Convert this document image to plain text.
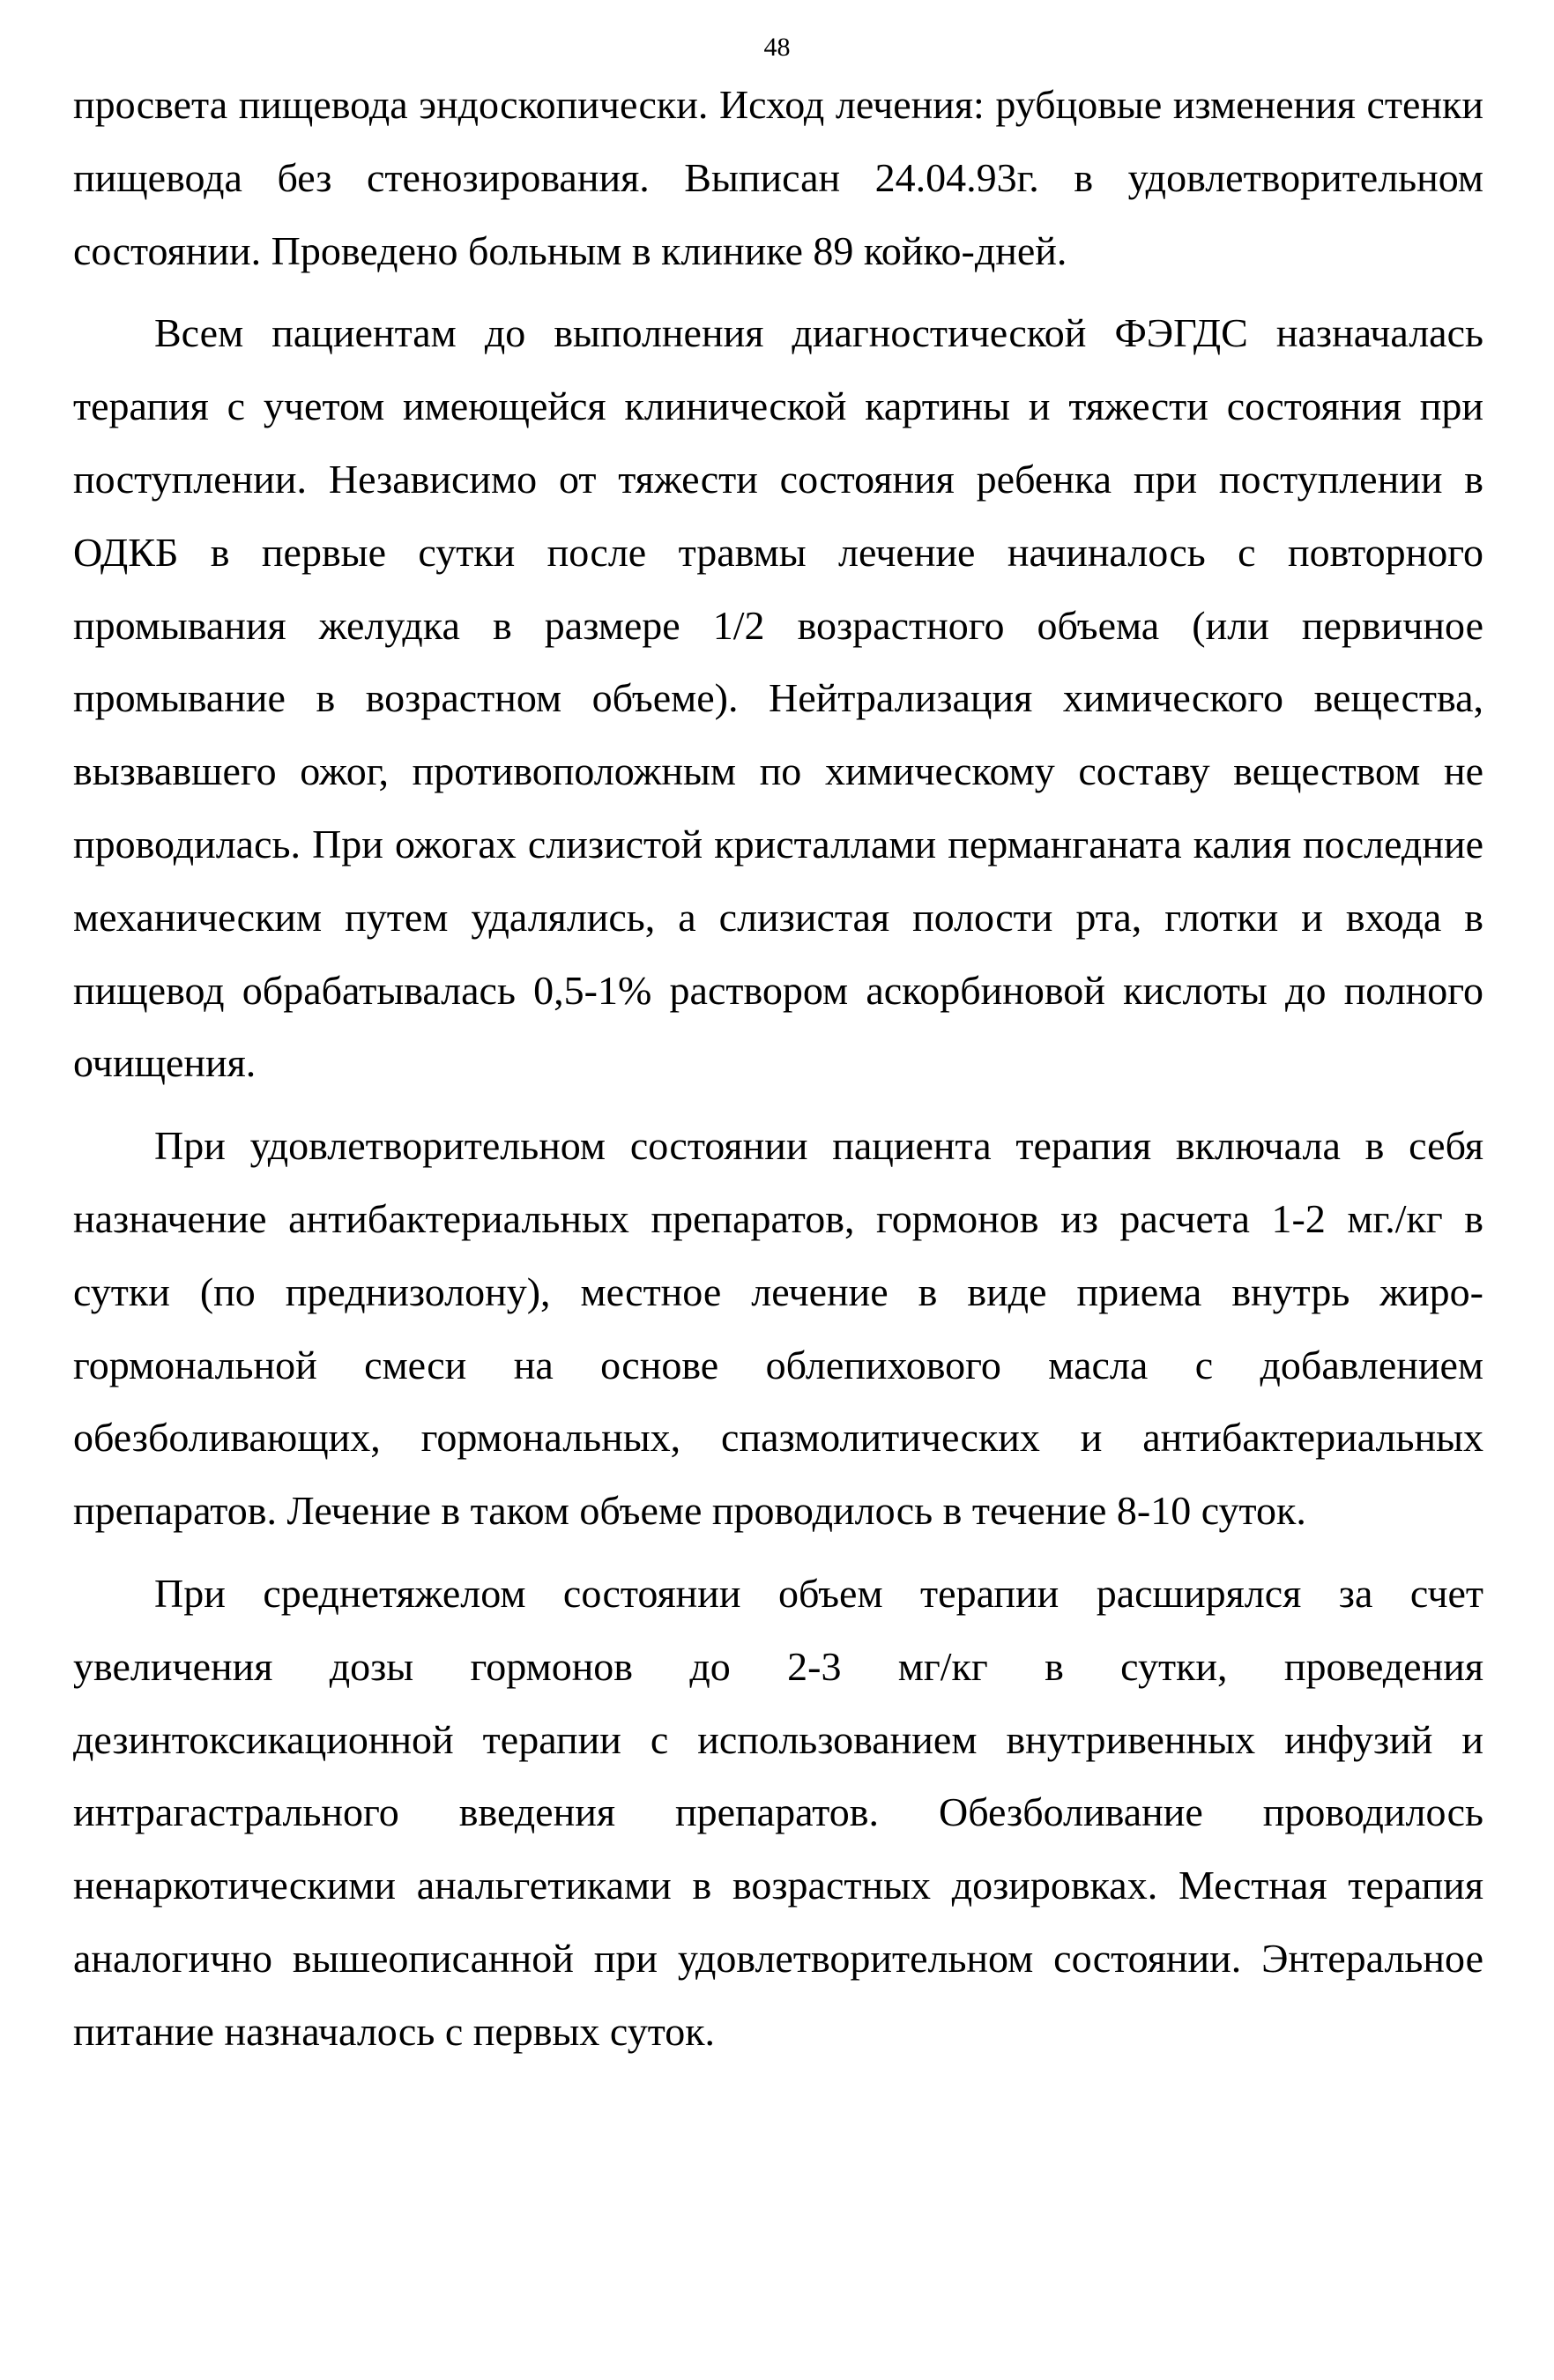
48

просвета пищевода эндоскопически. Исход лечения: рубцовые изменения стенки пищевода без стенозирования. Выписан 24.04.93г. в удовлетворительном состоянии. Проведено больным в клинике 89 койко-дней.

Всем пациентам до выполнения диагностической ФЭГДС назначалась терапия с учетом имеющейся клинической картины и тяжести состояния при поступлении. Независимо от тяжести состояния ребенка при поступлении в ОДКБ в первые сутки после травмы лечение начиналось с повторного промывания желудка в размере 1/2 возрастного объема (или первичное промывание в возрастном объеме). Нейтрализация химического вещества, вызвавшего ожог, противоположным по химическому составу веществом не проводилась. При ожогах слизистой кристаллами перманганата калия последние механическим путем удалялись, а слизистая полости рта, глотки и входа в пищевод обрабатывалась 0,5-1% раствором аскорбиновой кислоты до полного очищения.

При удовлетворительном состоянии пациента терапия включала в себя назначение антибактериальных препаратов, гормонов из расчета 1-2 мг./кг в сутки (по преднизолону), местное лечение в виде приема внутрь жиро-гормональной смеси на основе облепихового масла с добавлением обезболивающих, гормональных, спазмолитических и антибактериальных препаратов. Лечение в таком объеме проводилось в течение 8-10 суток.

При среднетяжелом состоянии объем терапии расширялся за счет увеличения дозы гормонов до 2-3 мг/кг в сутки, проведения дезинтоксикационной терапии с использованием внутривенных инфузий и интрагастрального введения препаратов. Обезболивание проводилось ненаркотическими анальгетиками в возрастных дозировках. Местная терапия аналогично вышеописанной при удовлетворительном состоянии. Энтеральное питание назначалось с первых суток.
